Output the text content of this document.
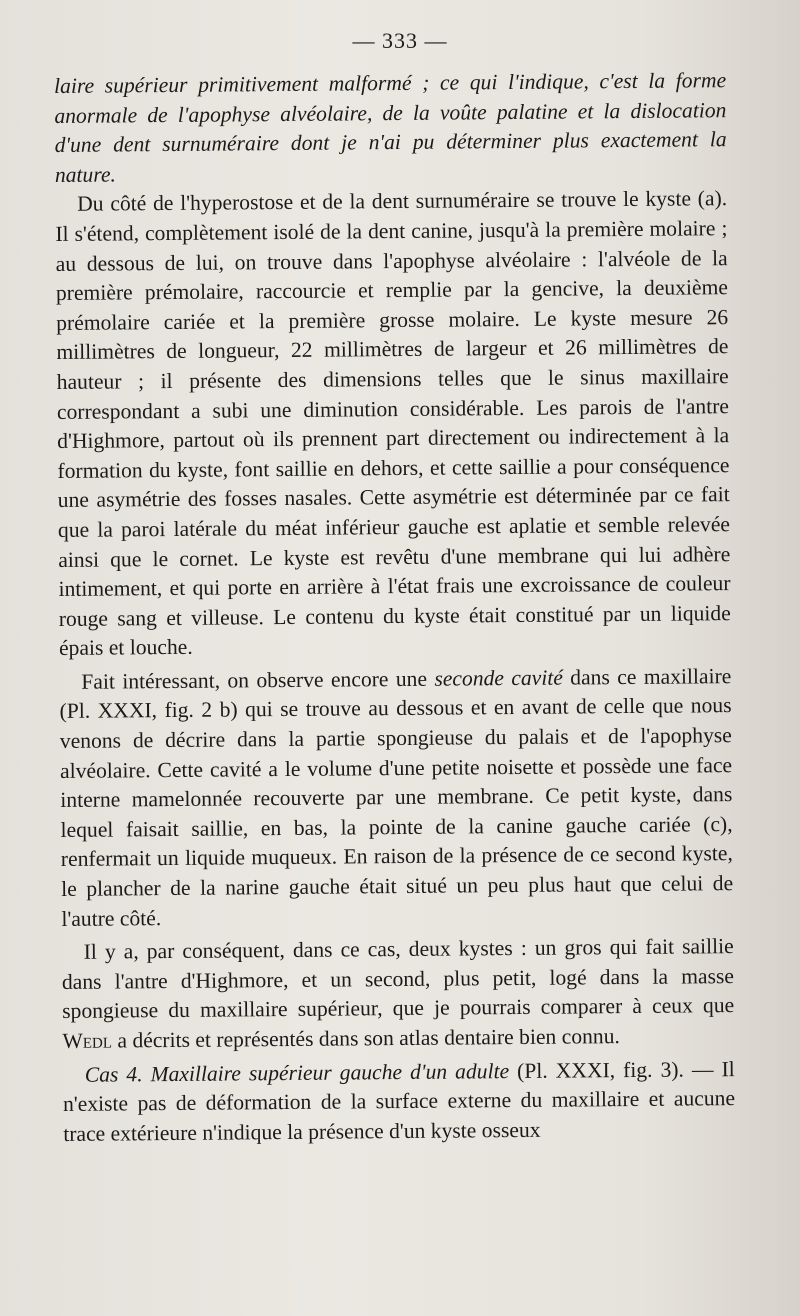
— 333 —

laire supérieur primitivement malformé ; ce qui l'indique, c'est la forme anormale de l'apophyse alvéolaire, de la voûte palatine et la dislocation d'une dent surnuméraire dont je n'ai pu déterminer plus exactement la nature.

Du côté de l'hyperostose et de la dent surnuméraire se trouve le kyste (a). Il s'étend, complètement isolé de la dent canine, jusqu'à la première molaire ; au dessous de lui, on trouve dans l'apophyse alvéolaire : l'alvéole de la première prémolaire, raccourcie et remplie par la gencive, la deuxième prémolaire cariée et la première grosse molaire. Le kyste mesure 26 millimètres de longueur, 22 millimètres de largeur et 26 millimètres de hauteur ; il présente des dimensions telles que le sinus maxillaire correspondant a subi une diminution considérable. Les parois de l'antre d'Highmore, partout où ils prennent part directement ou indirectement à la formation du kyste, font saillie en dehors, et cette saillie a pour conséquence une asymétrie des fosses nasales. Cette asymétrie est déterminée par ce fait que la paroi latérale du méat inférieur gauche est aplatie et semble relevée ainsi que le cornet. Le kyste est revêtu d'une membrane qui lui adhère intimement, et qui porte en arrière à l'état frais une excroissance de couleur rouge sang et villeuse. Le contenu du kyste était constitué par un liquide épais et louche.

Fait intéressant, on observe encore une seconde cavité dans ce maxillaire (Pl. XXXI, fig. 2 b) qui se trouve au dessous et en avant de celle que nous venons de décrire dans la partie spongieuse du palais et de l'apophyse alvéolaire. Cette cavité a le volume d'une petite noisette et possède une face interne mamelonnée recouverte par une membrane. Ce petit kyste, dans lequel faisait saillie, en bas, la pointe de la canine gauche cariée (c), renfermait un liquide muqueux. En raison de la présence de ce second kyste, le plancher de la narine gauche était situé un peu plus haut que celui de l'autre côté.

Il y a, par conséquent, dans ce cas, deux kystes : un gros qui fait saillie dans l'antre d'Highmore, et un second, plus petit, logé dans la masse spongieuse du maxillaire supérieur, que je pourrais comparer à ceux que Wedl a décrits et représentés dans son atlas dentaire bien connu.

Cas 4. Maxillaire supérieur gauche d'un adulte (Pl. XXXI, fig. 3). — Il n'existe pas de déformation de la surface externe du maxillaire et aucune trace extérieure n'indique la présence d'un kyste osseux
